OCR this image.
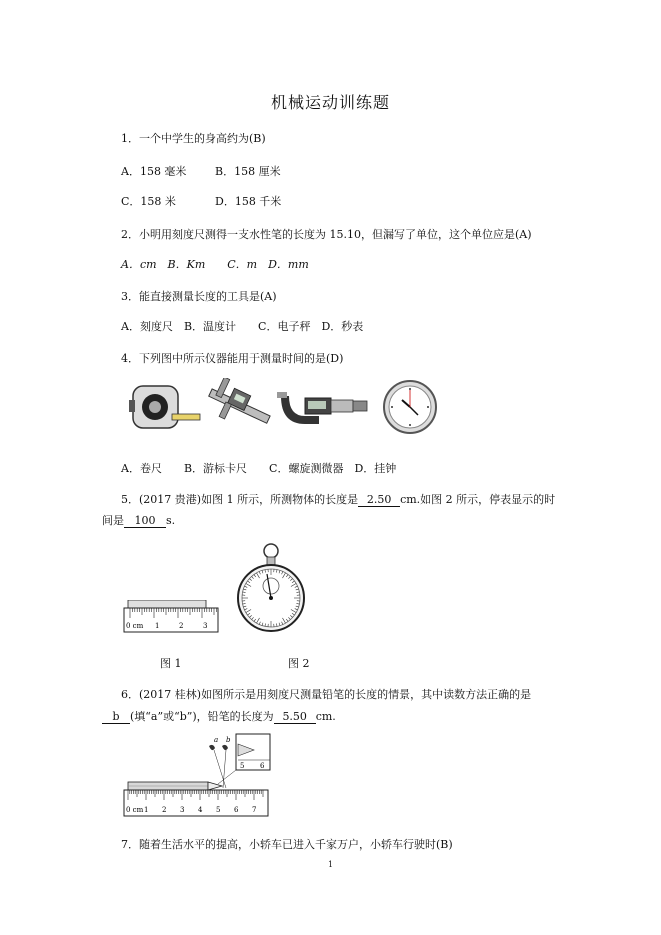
机械运动训练题
1．一个中学生的身高约为(B)
A．158 毫米	B．158 厘米
C．158 米	D．158 千米
2．小明用刻度尺测得一支水性笔的长度为 15.10，但漏写了单位，这个单位应是(A)
A．cm　B．Km　　C．m　D．mm
3．能直接测量长度的工具是(A)
A．刻度尺　B．温度计　　C．电子秤　D．秒表
4．下列图中所示仪器能用于测量时间的是(D)
A．卷尺　　B．游标卡尺　　C．螺旋测微器　D．挂钟
5．(2017 贵港)如图 1 所示，所测物体的长度是 2.50 cm.如图 2 所示，停表显示的时
间是 100 s.
0 cm 1	2	3
图 1	图 2
6．(2017 桂林)如图所示是用刻度尺测量铅笔的长度的情景，其中读数方法正确的是
b (填“a”或“b”)，铅笔的长度为 5.50 cm.
5 6
a b
0 cm 1 2 3 4 5 6 7
7．随着生活水平的提高，小轿车已进入千家万户，小轿车行驶时(B)
1
